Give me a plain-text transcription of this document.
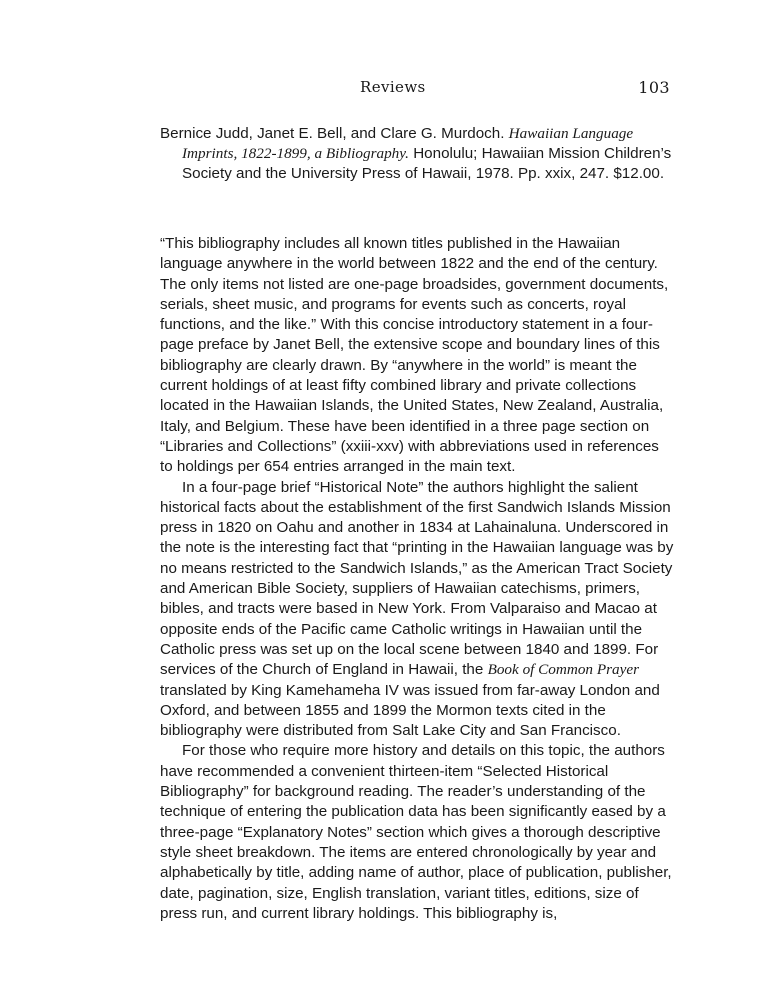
Reviews	103
Bernice Judd, Janet E. Bell, and Clare G. Murdoch. Hawaiian Language Imprints, 1822-1899, a Bibliography. Honolulu; Hawaiian Mission Children’s Society and the University Press of Hawaii, 1978. Pp. xxix, 247. $12.00.

“This bibliography includes all known titles published in the Hawaiian language anywhere in the world between 1822 and the end of the century. The only items not listed are one-page broadsides, government documents, serials, sheet music, and programs for events such as concerts, royal functions, and the like.” With this concise introductory statement in a four-page preface by Janet Bell, the extensive scope and boundary lines of this bibliography are clearly drawn. By “anywhere in the world” is meant the current holdings of at least fifty combined library and private collections located in the Hawaiian Islands, the United States, New Zealand, Australia, Italy, and Belgium. These have been identified in a three page section on “Libraries and Collections” (xxiii-xxv) with abbreviations used in references to holdings per 654 entries arranged in the main text.

In a four-page brief “Historical Note” the authors highlight the salient historical facts about the establishment of the first Sandwich Islands Mission press in 1820 on Oahu and another in 1834 at Lahainaluna. Underscored in the note is the interesting fact that “printing in the Hawaiian language was by no means restricted to the Sandwich Islands,” as the American Tract Society and American Bible Society, suppliers of Hawaiian catechisms, primers, bibles, and tracts were based in New York. From Valparaiso and Macao at opposite ends of the Pacific came Catholic writings in Hawaiian until the Catholic press was set up on the local scene between 1840 and 1899. For services of the Church of England in Hawaii, the Book of Common Prayer translated by King Kamehameha IV was issued from far-away London and Oxford, and between 1855 and 1899 the Mormon texts cited in the bibliography were distributed from Salt Lake City and San Francisco.

For those who require more history and details on this topic, the authors have recommended a convenient thirteen-item “Selected Historical Bibliography” for background reading. The reader’s understanding of the technique of entering the publication data has been significantly eased by a three-page “Explanatory Notes” section which gives a thorough descriptive style sheet breakdown. The items are entered chronologically by year and alphabetically by title, adding name of author, place of publication, publisher, date, pagination, size, English translation, variant titles, editions, size of press run, and current library holdings. This bibliography is,
